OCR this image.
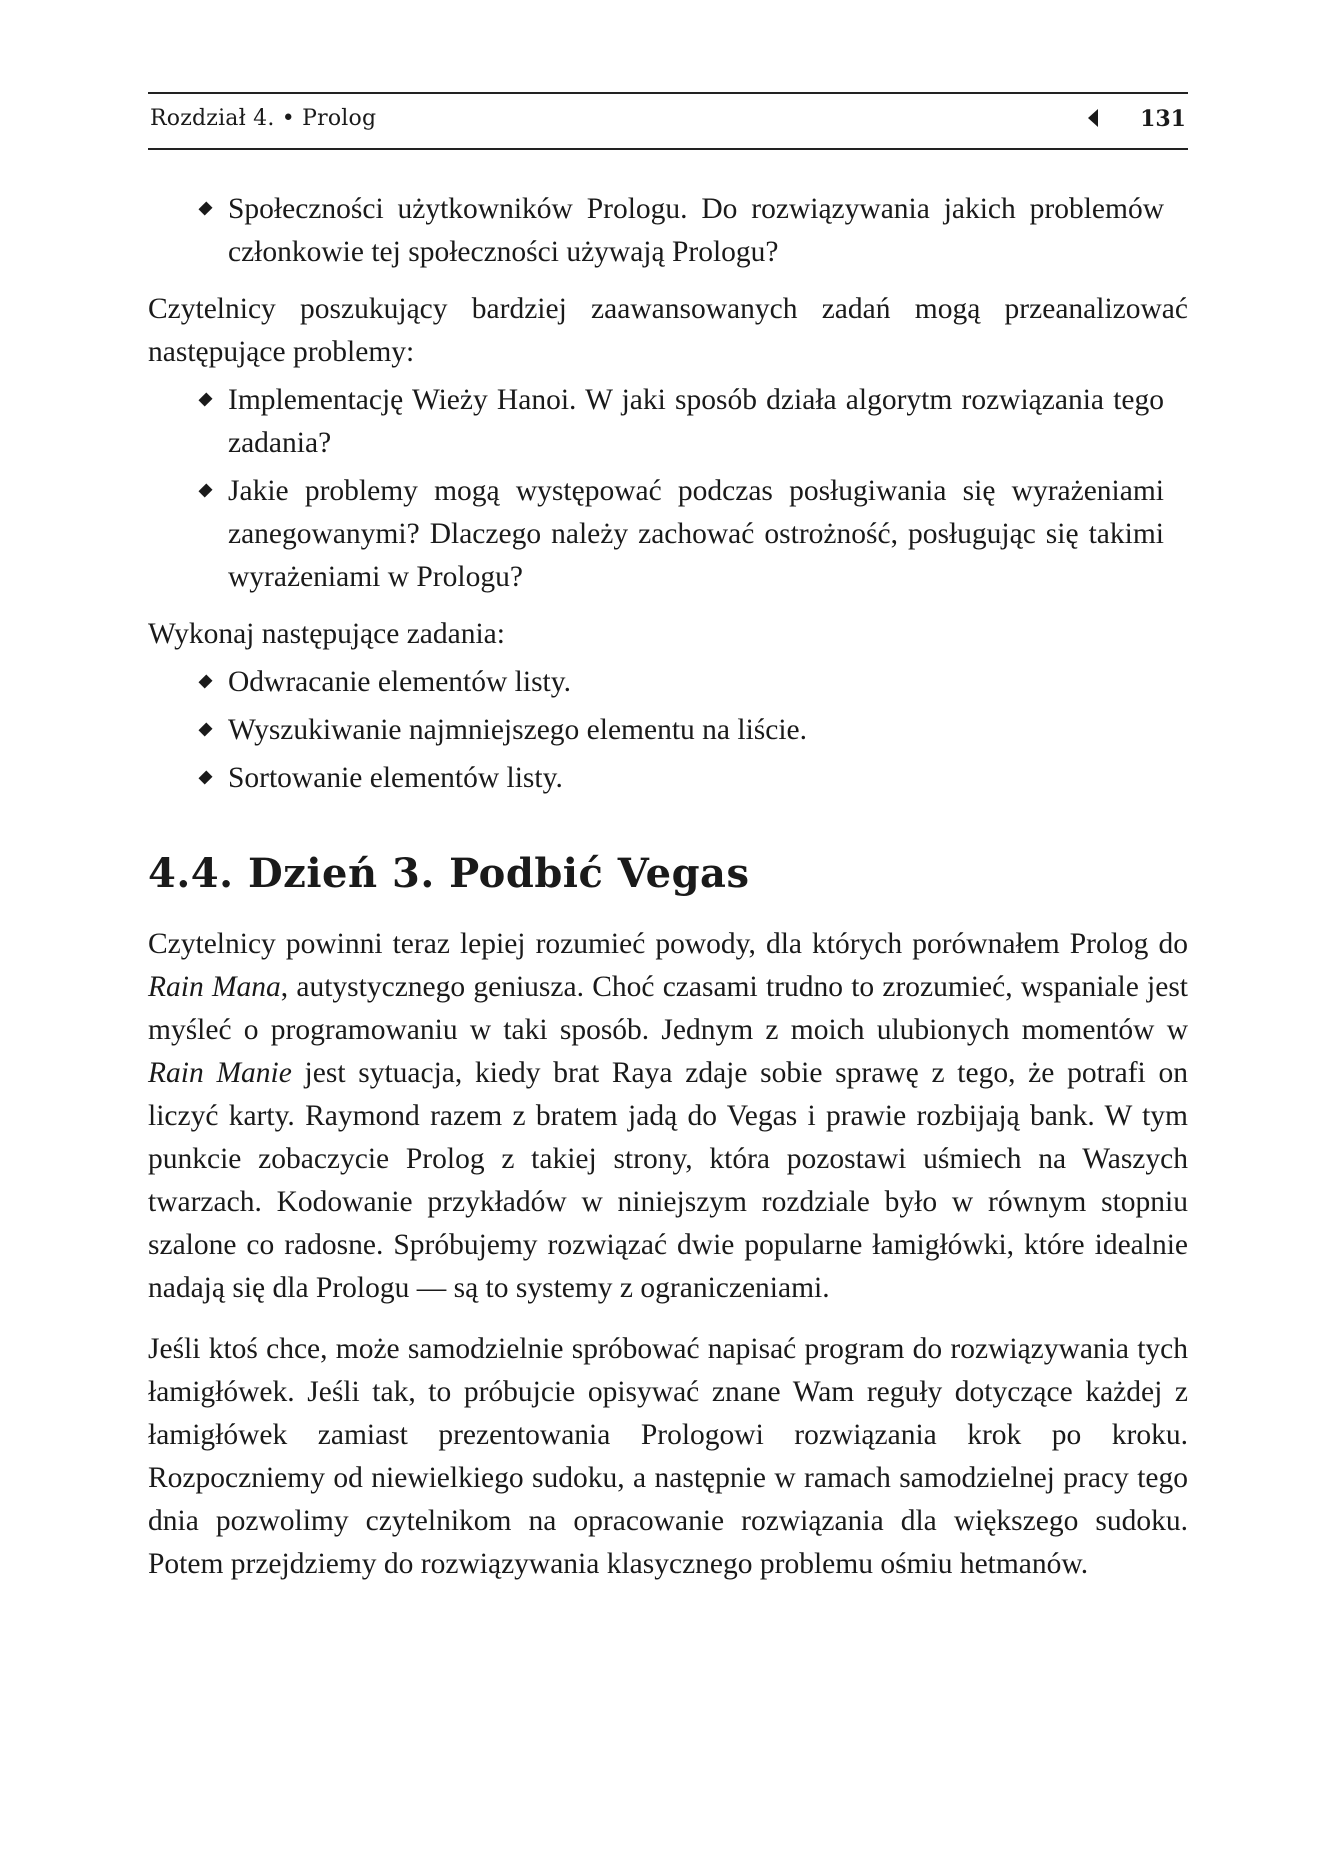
Rozdział 4. • Prolog	131
Społeczności użytkowników Prologu. Do rozwiązywania jakich problemów członkowie tej społeczności używają Prologu?

Czytelnicy poszukujący bardziej zaawansowanych zadań mogą przeanalizować następujące problemy:

Implementację Wieży Hanoi. W jaki sposób działa algorytm rozwiązania tego zadania?
Jakie problemy mogą występować podczas posługiwania się wyrażeniami zanegowanymi? Dlaczego należy zachować ostrożność, posługując się takimi wyrażeniami w Prologu?

Wykonaj następujące zadania:

Odwracanie elementów listy.
Wyszukiwanie najmniejszego elementu na liście.
Sortowanie elementów listy.
4.4. Dzień 3. Podbić Vegas

Czytelnicy powinni teraz lepiej rozumieć powody, dla których porównałem Prolog do Rain Mana, autystycznego geniusza. Choć czasami trudno to zrozumieć, wspaniale jest myśleć o programowaniu w taki sposób. Jednym z moich ulubionych momentów w Rain Manie jest sytuacja, kiedy brat Raya zdaje sobie sprawę z tego, że potrafi on liczyć karty. Raymond razem z bratem jadą do Vegas i prawie rozbijają bank. W tym punkcie zobaczycie Prolog z takiej strony, która pozostawi uśmiech na Waszych twarzach. Kodowanie przykładów w niniejszym rozdziale było w równym stopniu szalone co radosne. Spróbujemy rozwiązać dwie popularne łamigłówki, które idealnie nadają się dla Prologu — są to systemy z ograniczeniami.

Jeśli ktoś chce, może samodzielnie spróbować napisać program do rozwiązywania tych łamigłówek. Jeśli tak, to próbujcie opisywać znane Wam reguły dotyczące każdej z łamigłówek zamiast prezentowania Prologowi rozwiązania krok po kroku. Rozpoczniemy od niewielkiego sudoku, a następnie w ramach samodzielnej pracy tego dnia pozwolimy czytelnikom na opracowanie rozwiązania dla większego sudoku. Potem przejdziemy do rozwiązywania klasycznego problemu ośmiu hetmanów.
